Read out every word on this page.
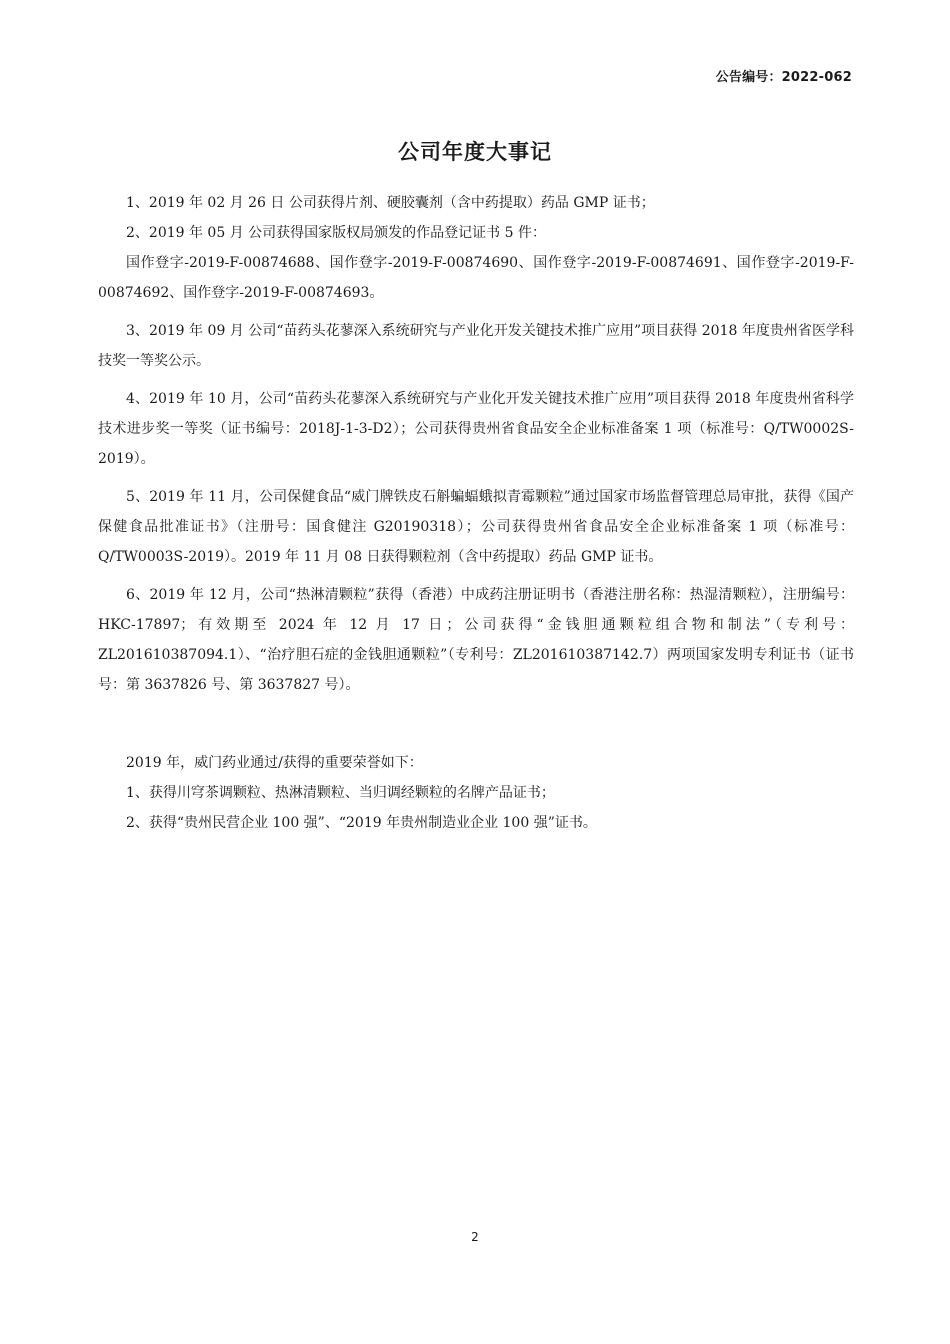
公告编号：2022-062
公司年度大事记

1、2019 年 02 月 26 日 公司获得片剂、硬胶囊剂（含中药提取）药品 GMP 证书；

2、2019 年 05 月 公司获得国家版权局颁发的作品登记证书 5 件：

国作登字-2019-F-00874688、国作登字-2019-F-00874690、国作登字-2019-F-00874691、国作登字-2019-F-00874692、国作登字-2019-F-00874693。

3、2019 年 09 月 公司“苗药头花蓼深入系统研究与产业化开发关键技术推广应用”项目获得 2018 年度贵州省医学科技奖一等奖公示。

4、2019 年 10 月，公司“苗药头花蓼深入系统研究与产业化开发关键技术推广应用”项目获得 2018 年度贵州省科学技术进步奖一等奖（证书编号：2018J-1-3-D2）；公司获得贵州省食品安全企业标准备案 1 项（标准号：Q/TW0002S-2019）。

5、2019 年 11 月，公司保健食品“威门牌铁皮石斛蝙蝠蛾拟青霉颗粒”通过国家市场监督管理总局审批，获得《国产保健食品批准证书》（注册号：国食健注 G20190318）；公司获得贵州省食品安全企业标准备案 1 项（标准号：Q/TW0003S-2019）。2019 年 11 月 08 日获得颗粒剂（含中药提取）药品 GMP 证书。

6、2019 年 12 月，公司“热淋清颗粒”获得（香港）中成药注册证明书（香港注册名称：热湿清颗粒），注册编号：HKC-17897；有效期至 2024 年 12 月 17 日；公司获得“金钱胆通颗粒组合物和制法”（专利号：ZL201610387094.1）、“治疗胆石症的金钱胆通颗粒”（专利号：ZL201610387142.7）两项国家发明专利证书（证书号：第 3637826 号、第 3637827 号）。

2019 年，威门药业通过/获得的重要荣誉如下：

1、获得川穹茶调颗粒、热淋清颗粒、当归调经颗粒的名牌产品证书；

2、获得“贵州民营企业 100 强”、“2019 年贵州制造业企业 100 强”证书。

2
